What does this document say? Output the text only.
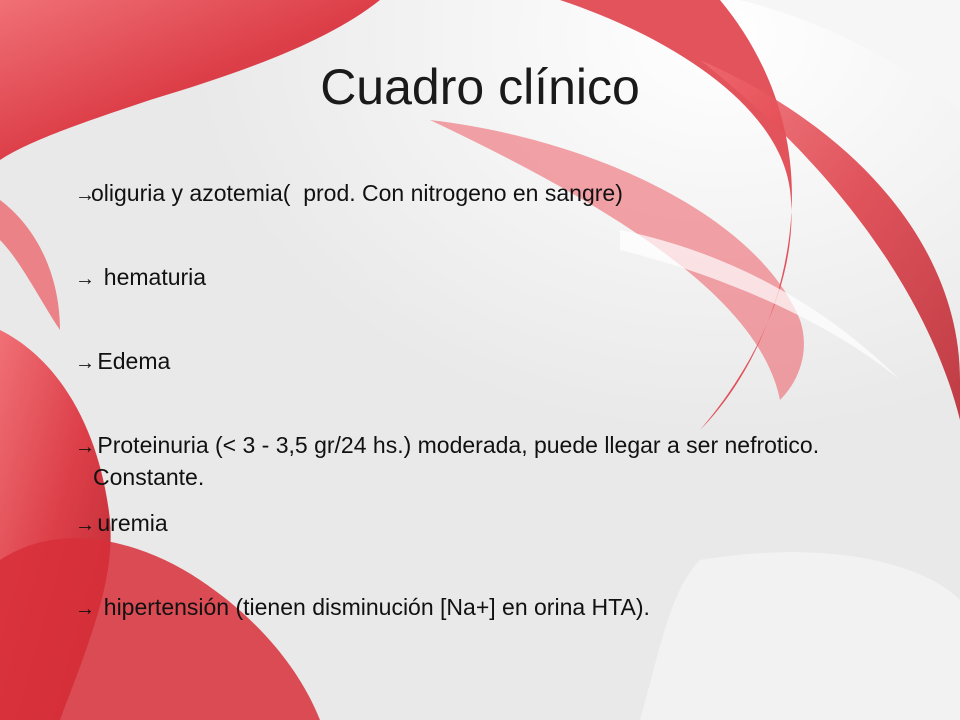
Cuadro clínico
→oliguria y azotemia(  prod. Con nitrogeno en sangre)
→  hematuria
→ Edema
→ Proteinuria (< 3 - 3,5 gr/24 hs.) moderada, puede llegar a ser nefrotico. Constante.
→ uremia
→  hipertensión (tienen disminución [Na+] en orina HTA).
